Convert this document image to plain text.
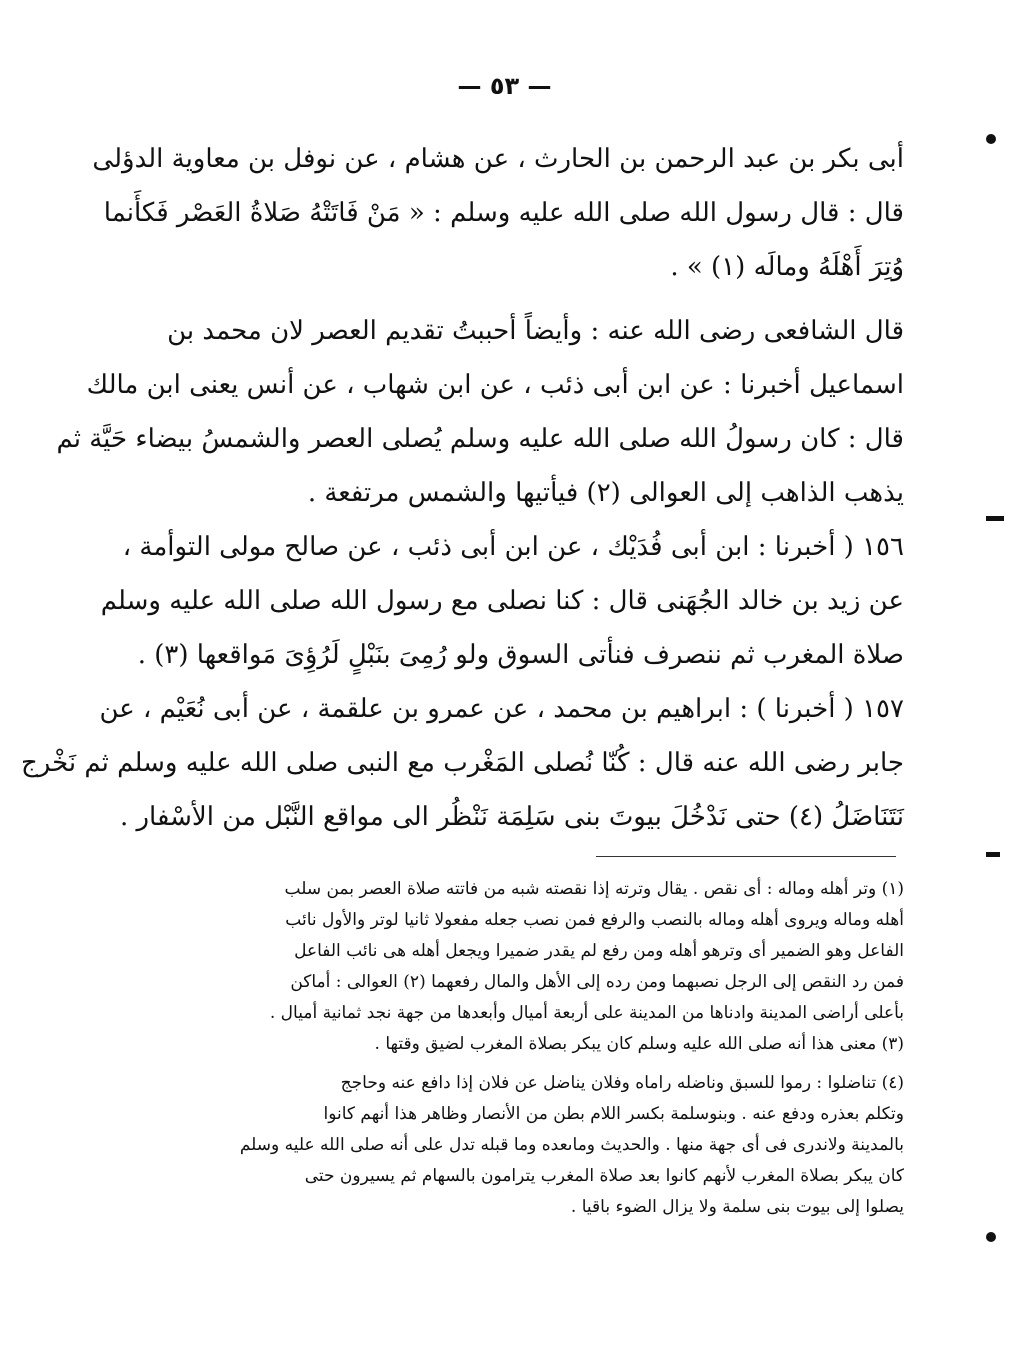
— ٥٣ —
أبى بكر بن عبد الرحمن بن الحارث ، عن هشام ، عن نوفل بن معاوية الدؤلى
قال : قال رسول الله صلى الله عليه وسلم : « مَنْ فَاتَتْهُ صَلاةُ العَصْر فَكأَنما
وُتِرَ أَهْلَهُ ومالَه (١) » .
قال الشافعى رضى الله عنه : وأيضاً أحببتُ تقديم العصر لان محمد بن
اسماعيل أخبرنا : عن ابن أبى ذئب ، عن ابن شهاب ، عن أنس يعنى ابن مالك
قال : كان رسولُ الله صلى الله عليه وسلم يُصلى العصر والشمسُ بيضاء حَيَّة ثم
يذهب الذاهب إلى العوالى (٢) فيأتيها والشمس مرتفعة .
١٥٦ ( أخبرنا : ابن أبى فُدَيْك ، عن ابن أبى ذئب ، عن صالح مولى التوأمة ،
عن زيد بن خالد الجُهَنى قال : كنا نصلى مع رسول الله صلى الله عليه وسلم
صلاة المغرب ثم ننصرف فنأتى السوق ولو رُمِىَ بنَبْلٍ لَرُؤِىَ مَواقعها (٣) .
١٥٧ ( أخبرنا ) : ابراهيم بن محمد ، عن عمرو بن علقمة ، عن أبى نُعَيْم ، عن
جابر رضى الله عنه قال : كُنّا نُصلى المَغْرب مع النبى صلى الله عليه وسلم ثم نَخْرج
نَتَنَاضَلُ (٤) حتى نَدْخُلَ بيوتَ بنى سَلِمَة نَنْظُر الى مواقع النَّبْل من الأسْفار .
(١) وتر أهله وماله : أى نقص . يقال وترته إذا نقصته شبه من فاتته صلاة العصر بمن سلب
أهله وماله ويروى أهله وماله بالنصب والرفع فمن نصب جعله مفعولا ثانيا لوتر والأول نائب
الفاعل وهو الضمير أى وترهو أهله ومن رفع لم يقدر ضميرا ويجعل أهله هى نائب الفاعل
فمن رد النقص إلى الرجل نصبهما ومن رده إلى الأهل والمال رفعهما (٢) العوالى : أماكن
بأعلى أراضى المدينة وادناها من المدينة على أربعة أميال وأبعدها من جهة نجد ثمانية أميال .
(٣) معنى هذا أنه صلى الله عليه وسلم كان يبكر بصلاة المغرب لضيق وقتها .
(٤) تناضلوا : رموا للسبق وناضله راماه وفلان يناضل عن فلان إذا دافع عنه وحاجج
وتكلم بعذره ودفع عنه . وبنوسلمة بكسر اللام بطن من الأنصار وظاهر هذا أنهم كانوا
بالمدينة ولاندرى فى أى جهة منها . والحديث وماىعده وما قبله تدل على أنه صلى الله عليه وسلم
كان يبكر بصلاة المغرب لأنهم كانوا بعد صلاة المغرب يترامون بالسهام ثم يسيرون حتى
يصلوا إلى بيوت بنى سلمة ولا يزال الضوء باقيا .
